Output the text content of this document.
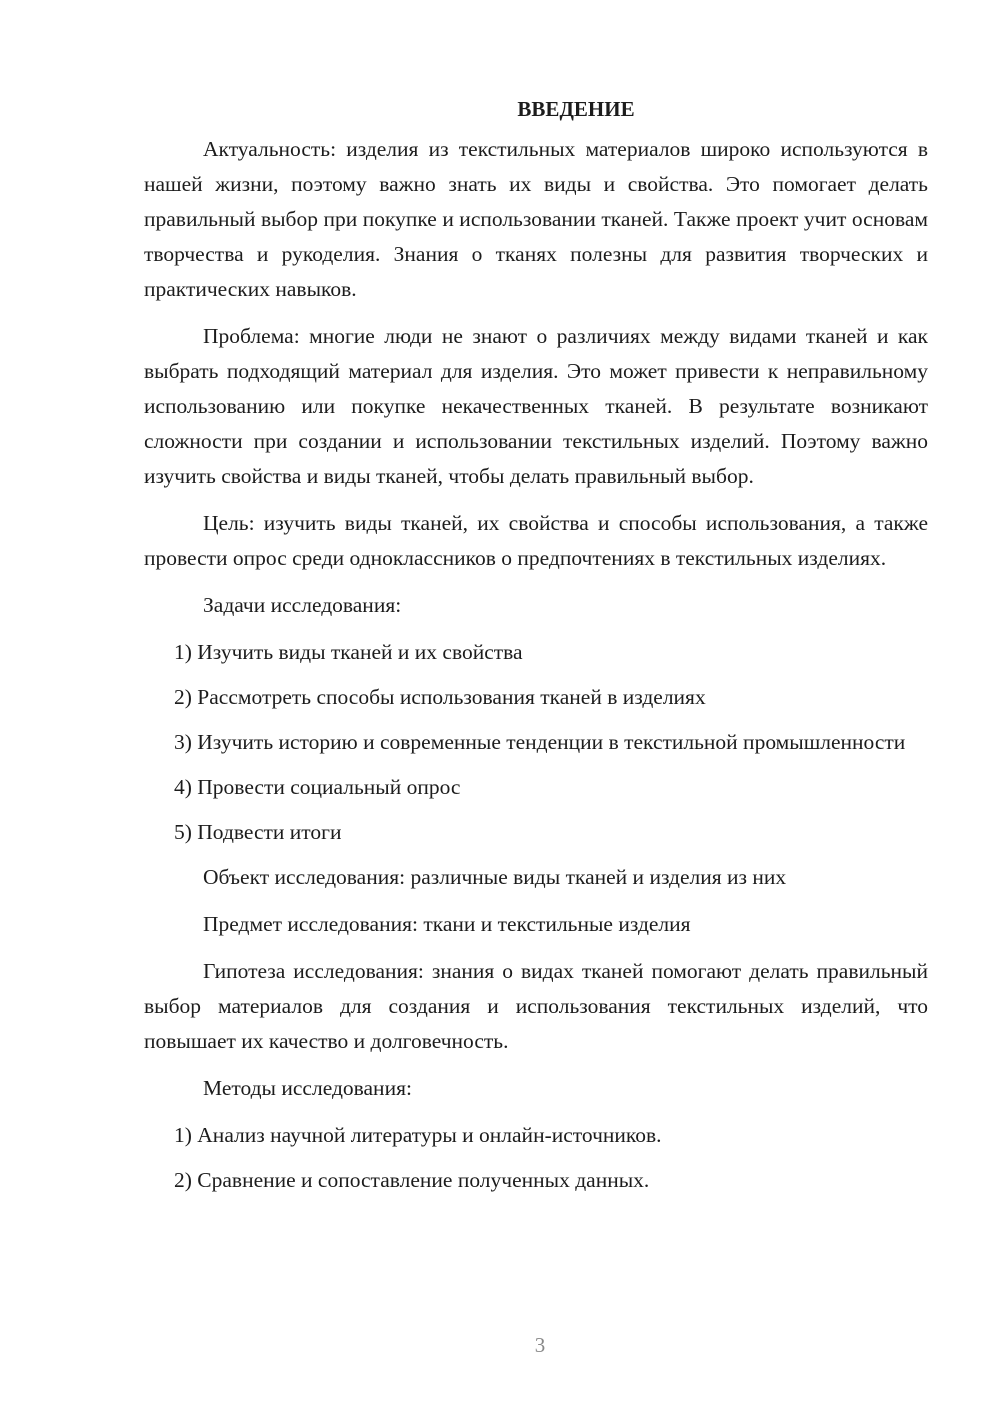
ВВЕДЕНИЕ

Актуальность: изделия из текстильных материалов широко используются в нашей жизни, поэтому важно знать их виды и свойства. Это помогает делать правильный выбор при покупке и использовании тканей. Также проект учит основам творчества и рукоделия. Знания о тканях полезны для развития творческих и практических навыков.

Проблема: многие люди не знают о различиях между видами тканей и как выбрать подходящий материал для изделия. Это может привести к неправильному использованию или покупке некачественных тканей. В результате возникают сложности при создании и использовании текстильных изделий. Поэтому важно изучить свойства и виды тканей, чтобы делать правильный выбор.

Цель: изучить виды тканей, их свойства и способы использования, а также провести опрос среди одноклассников о предпочтениях в текстильных изделиях.

Задачи исследования:

1) Изучить виды тканей и их свойства

2) Рассмотреть способы использования тканей в изделиях

3) Изучить историю и современные тенденции в текстильной промышленности

4) Провести социальный опрос

5) Подвести итоги

Объект исследования: различные виды тканей и изделия из них

Предмет исследования: ткани и текстильные изделия

Гипотеза исследования: знания о видах тканей помогают делать правильный выбор материалов для создания и использования текстильных изделий, что повышает их качество и долговечность.

Методы исследования:

1) Анализ научной литературы и онлайн-источников.

2) Сравнение и сопоставление полученных данных.

3
